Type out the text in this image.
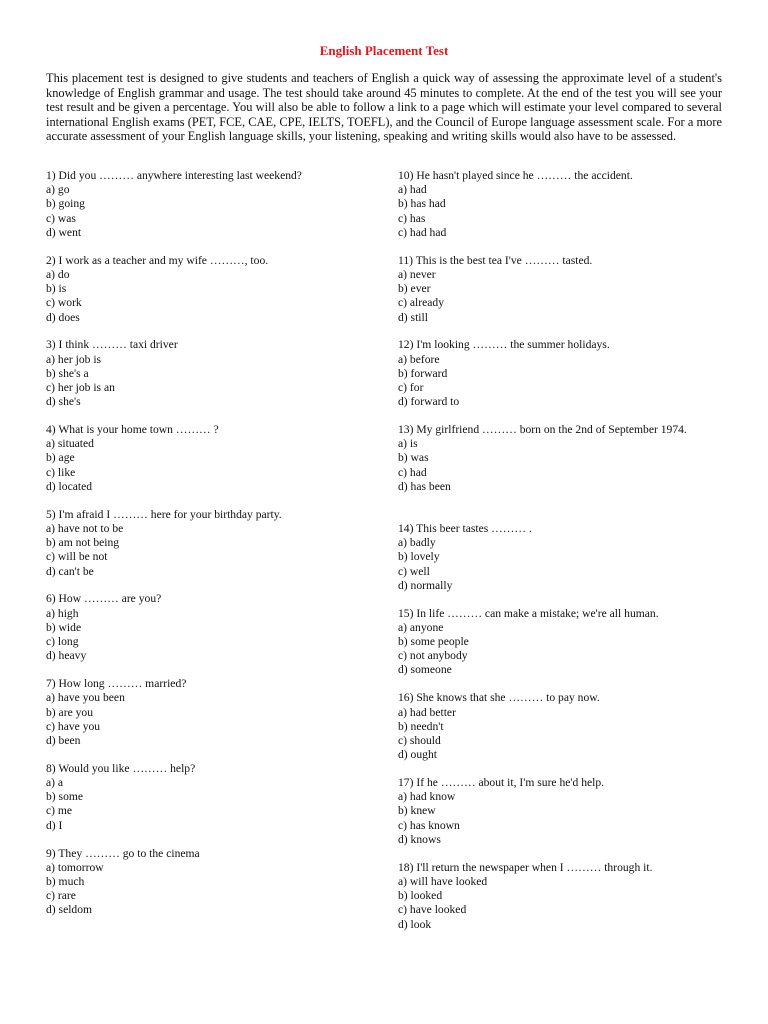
English Placement Test

This placement test is designed to give students and teachers of English a quick way of assessing the approximate level of a student's knowledge of English grammar and usage. The test should take around 45 minutes to complete. At the end of the test you will see your test result and be given a percentage. You will also be able to follow a link to a page which will estimate your level compared to several international English exams (PET, FCE, CAE, CPE, IELTS, TOEFL), and the Council of Europe language assessment scale. For a more accurate assessment of your English language skills, your listening, speaking and writing skills would also have to be assessed.

1) Did you ……… anywhere interesting last weekend?

a) go
b) going
c) was
d) went

2) I work as a teacher and my wife ………, too.

a) do
b) is
c) work
d) does

3) I think ……… taxi driver

a) her job is
b) she's a
c) her job is an
d) she's

4) What is your home town ……… ?

a) situated
b) age
c) like
d) located

5) I'm afraid I ……… here for your birthday party.

a) have not to be
b) am not being
c) will be not
d) can't be

6) How ……… are you?

a) high
b) wide
c) long
d) heavy

7) How long ……… married?

a) have you been
b) are you
c) have you
d) been

8) Would you like ……… help?

a) a
b) some
c) me
d) I

9) They ……… go to the cinema

a) tomorrow
b) much
c) rare
d) seldom

10) He hasn't played since he ……… the accident.

a) had
b) has had
c) has
c) had had

11) This is the best tea I've ……… tasted.

a) never
b) ever
c) already
d) still

12) I'm looking ……… the summer holidays.

a) before
b) forward
c) for
d) forward to

13) My girlfriend ……… born on the 2nd of September 1974.

a) is
b) was
c) had
d) has been

14) This beer tastes ……… .

a) badly
b) lovely
c) well
d) normally

15) In life ……… can make a mistake; we're all human.

a) anyone
b) some people
c) not anybody
d) someone

16) She knows that she ……… to pay now.

a) had better
b) needn't
c) should
d) ought

17) If he ……… about it, I'm sure he'd help.

a) had know
b) knew
c) has known
d) knows

18) I'll return the newspaper when I ……… through it.

a) will have looked
b) looked
c) have looked
d) look
